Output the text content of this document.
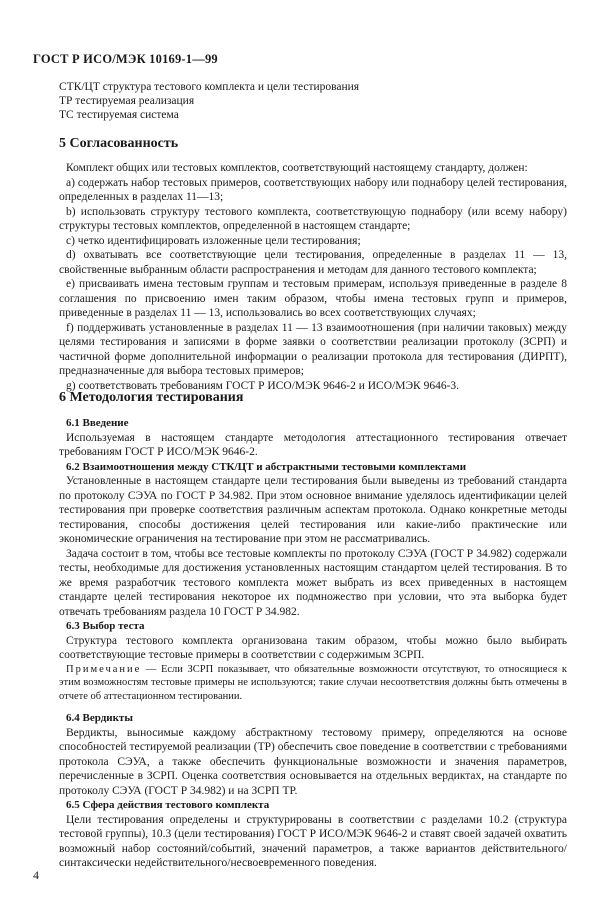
ГОСТ Р ИСО/МЭК 10169-1—99
СТК/ЦТ структура тестового комплекта и цели тестирования
ТР тестируемая реализация
ТС тестируемая система
5 Согласованность

Комплект общих или тестовых комплектов, соответствующий настоящему стандарту, должен:

а) содержать набор тестовых примеров, соответствующих набору или поднабору целей тестирования, определенных в разделах 11—13;

b) использовать структуру тестового комплекта, соответствующую поднабору (или всему набору) структуры тестовых комплектов, определенной в настоящем стандарте;

с) четко идентифицировать изложенные цели тестирования;

d) охватывать все соответствующие цели тестирования, определенные в разделах 11 — 13, свойственные выбранным области распространения и методам для данного тестового комплекта;

е) присваивать имена тестовым группам и тестовым примерам, используя приведенные в разделе 8 соглашения по присвоению имен таким образом, чтобы имена тестовых групп и примеров, приведенные в разделах 11 — 13, использовались во всех соответствующих случаях;

f) поддерживать установленные в разделах 11 — 13 взаимоотношения (при наличии таковых) между целями тестирования и записями в форме заявки о соответствии реализации протоколу (ЗСРП) и частичной форме дополнительной информации о реализации протокола для тестирования (ДИРПТ), предназначенные для выбора тестовых примеров;

g) соответствовать требованиям ГОСТ Р ИСО/МЭК 9646-2 и ИСО/МЭК 9646-3.

6 Методология тестирования

6.1 Введение

Используемая в настоящем стандарте методология аттестационного тестирования отвечает требованиям ГОСТ Р ИСО/МЭК 9646-2.

6.2 Взаимоотношения между СТК/ЦТ и абстрактными тестовыми комплектами

Установленные в настоящем стандарте цели тестирования были выведены из требований стандарта по протоколу СЭУА по ГОСТ Р 34.982. При этом основное внимание уделялось идентификации целей тестирования при проверке соответствия различным аспектам протокола. Однако конкретные методы тестирования, способы достижения целей тестирования или какие-либо практические или экономические ограничения на тестирование при этом не рассматривались.

Задача состоит в том, чтобы все тестовые комплекты по протоколу СЭУА (ГОСТ Р 34.982) содержали тесты, необходимые для достижения установленных настоящим стандартом целей тестирования. В то же время разработчик тестового комплекта может выбрать из всех приведенных в настоящем стандарте целей тестирования некоторое их подмножество при условии, что эта выборка будет отвечать требованиям раздела 10 ГОСТ Р 34.982.

6.3 Выбор теста

Структура тестового комплекта организована таким образом, чтобы можно было выбирать соответствующие тестовые примеры в соответствии с содержимым ЗСРП.

Примечание — Если ЗСРП показывает, что обязательные возможности отсутствуют, то относящиеся к этим возможностям тестовые примеры не используются; такие случаи несоответствия должны быть отмечены в отчете об аттестационном тестировании.

6.4 Вердикты

Вердикты, выносимые каждому абстрактному тестовому примеру, определяются на основе способностей тестируемой реализации (ТР) обеспечить свое поведение в соответствии с требованиями протокола СЭУА, а также обеспечить функциональные возможности и значения параметров, перечисленные в ЗСРП. Оценка соответствия основывается на отдельных вердиктах, на стандарте по протоколу СЭУА (ГОСТ Р 34.982) и на ЗСРП ТР.

6.5 Сфера действия тестового комплекта

Цели тестирования определены и структурированы в соответствии с разделами 10.2 (структура тестовой группы), 10.3 (цели тестирования) ГОСТ Р ИСО/МЭК 9646-2 и ставят своей задачей охватить возможный набор состояний/событий, значений параметров, а также вариантов действительного/синтаксически недействительного/несвоевременного поведения.

4
